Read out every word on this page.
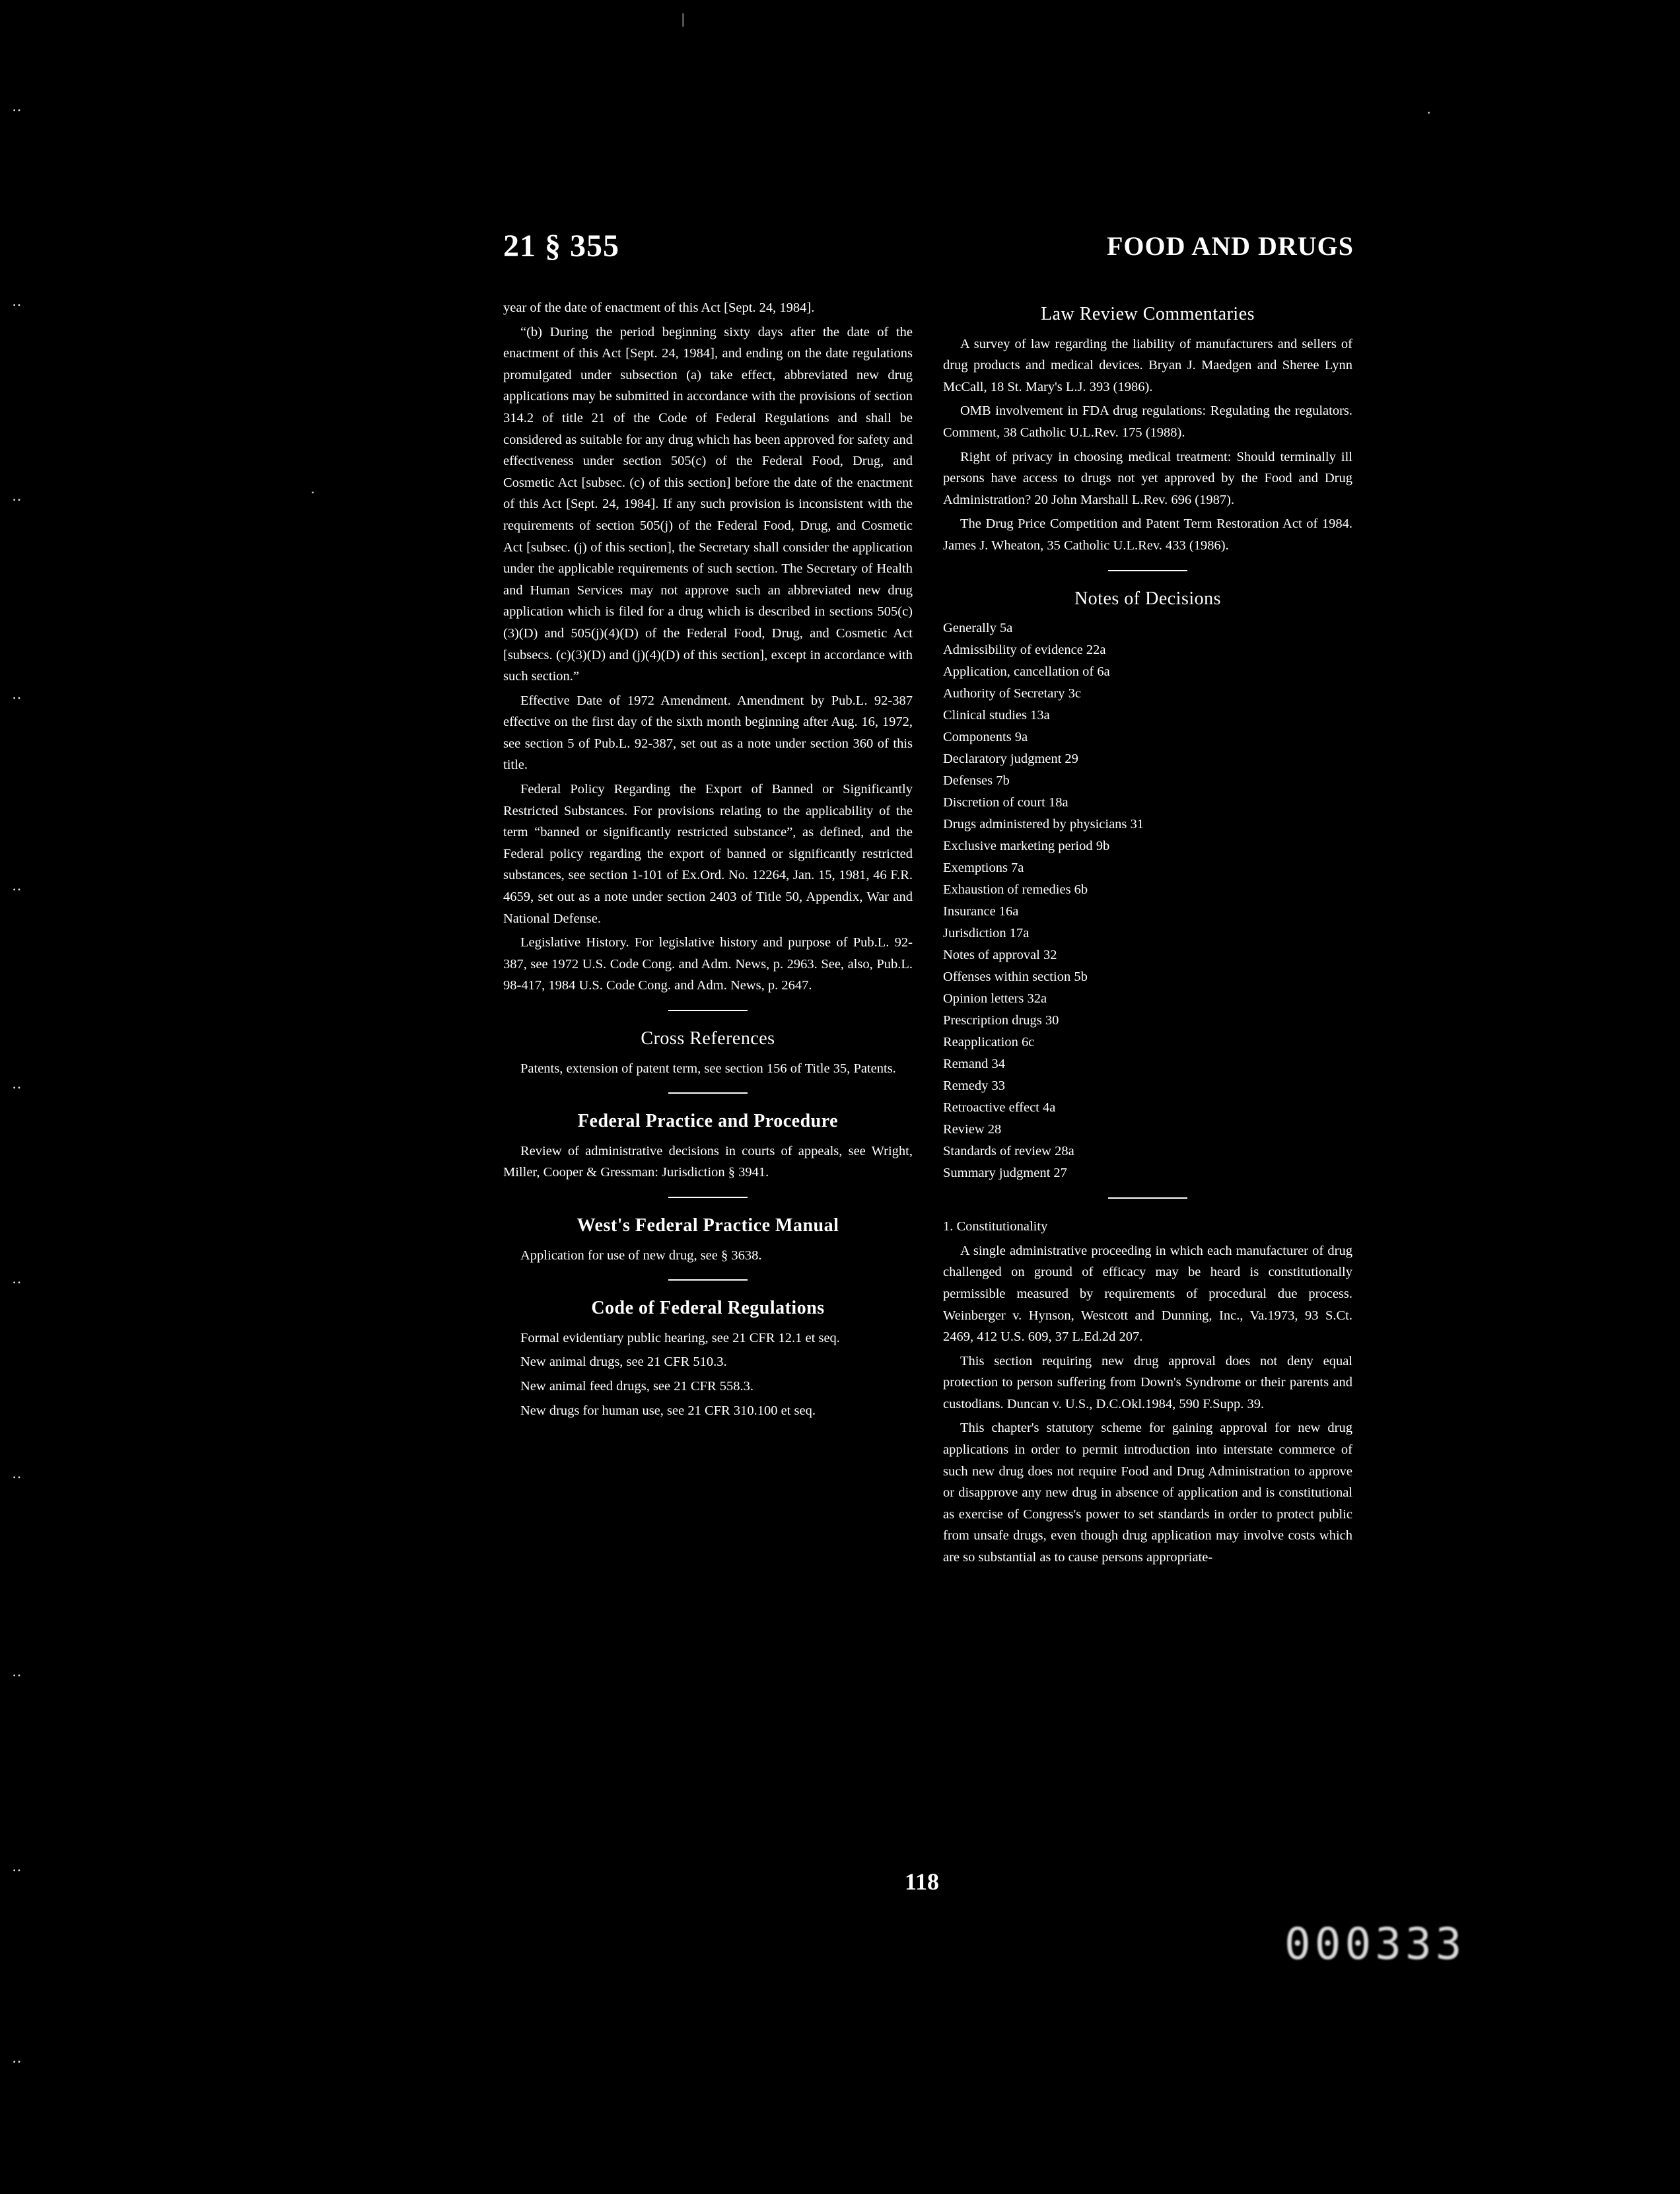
‥
‥
‥
‥
‥
‥
‥
‥
‥
‥
‥
|
·
·
21 § 355	FOOD AND DRUGS

year of the date of enactment of this Act [Sept. 24, 1984].

“(b) During the period beginning sixty days after the date of the enactment of this Act [Sept. 24, 1984], and ending on the date regulations promulgated under subsection (a) take effect, abbreviated new drug applications may be submitted in accordance with the provisions of section 314.2 of title 21 of the Code of Federal Regulations and shall be considered as suitable for any drug which has been approved for safety and effectiveness under section 505(c) of the Federal Food, Drug, and Cosmetic Act [subsec. (c) of this section] before the date of the enactment of this Act [Sept. 24, 1984]. If any such provision is inconsistent with the requirements of section 505(j) of the Federal Food, Drug, and Cosmetic Act [subsec. (j) of this section], the Secretary shall consider the application under the applicable requirements of such section. The Secretary of Health and Human Services may not approve such an abbreviated new drug application which is filed for a drug which is described in sections 505(c)(3)(D) and 505(j)(4)(D) of the Federal Food, Drug, and Cosmetic Act [subsecs. (c)(3)(D) and (j)(4)(D) of this section], except in accordance with such section.”

Effective Date of 1972 Amendment. Amendment by Pub.L. 92-387 effective on the first day of the sixth month beginning after Aug. 16, 1972, see section 5 of Pub.L. 92-387, set out as a note under section 360 of this title.

Federal Policy Regarding the Export of Banned or Significantly Restricted Substances. For provisions relating to the applicability of the term “banned or significantly restricted substance”, as defined, and the Federal policy regarding the export of banned or significantly restricted substances, see section 1-101 of Ex.Ord. No. 12264, Jan. 15, 1981, 46 F.R. 4659, set out as a note under section 2403 of Title 50, Appendix, War and National Defense.

Legislative History. For legislative history and purpose of Pub.L. 92-387, see 1972 U.S. Code Cong. and Adm. News, p. 2963. See, also, Pub.L. 98-417, 1984 U.S. Code Cong. and Adm. News, p. 2647.

Cross References

Patents, extension of patent term, see section 156 of Title 35, Patents.

Federal Practice and Procedure

Review of administrative decisions in courts of appeals, see Wright, Miller, Cooper & Gressman: Jurisdiction § 3941.

West's Federal Practice Manual

Application for use of new drug, see § 3638.

Code of Federal Regulations

Formal evidentiary public hearing, see 21 CFR 12.1 et seq.

New animal drugs, see 21 CFR 510.3.

New animal feed drugs, see 21 CFR 558.3.

New drugs for human use, see 21 CFR 310.100 et seq.

Law Review Commentaries

A survey of law regarding the liability of manufacturers and sellers of drug products and medical devices. Bryan J. Maedgen and Sheree Lynn McCall, 18 St. Mary's L.J. 393 (1986).

OMB involvement in FDA drug regulations: Regulating the regulators. Comment, 38 Catholic U.L.Rev. 175 (1988).

Right of privacy in choosing medical treatment: Should terminally ill persons have access to drugs not yet approved by the Food and Drug Administration? 20 John Marshall L.Rev. 696 (1987).

The Drug Price Competition and Patent Term Restoration Act of 1984. James J. Wheaton, 35 Catholic U.L.Rev. 433 (1986).

Notes of Decisions
Generally 5a
Admissibility of evidence 22a
Application, cancellation of 6a
Authority of Secretary 3c
Clinical studies 13a
Components 9a
Declaratory judgment 29
Defenses 7b
Discretion of court 18a
Drugs administered by physicians 31
Exclusive marketing period 9b
Exemptions 7a
Exhaustion of remedies 6b
Insurance 16a
Jurisdiction 17a
Notes of approval 32
Offenses within section 5b
Opinion letters 32a
Prescription drugs 30
Reapplication 6c
Remand 34
Remedy 33
Retroactive effect 4a
Review 28
Standards of review 28a
Summary judgment 27

1. Constitutionality

A single administrative proceeding in which each manufacturer of drug challenged on ground of efficacy may be heard is constitutionally permissible measured by requirements of procedural due process. Weinberger v. Hynson, Westcott and Dunning, Inc., Va.1973, 93 S.Ct. 2469, 412 U.S. 609, 37 L.Ed.2d 207.

This section requiring new drug approval does not deny equal protection to person suffering from Down's Syndrome or their parents and custodians. Duncan v. U.S., D.C.Okl.1984, 590 F.Supp. 39.

This chapter's statutory scheme for gaining approval for new drug applications in order to permit introduction into interstate commerce of such new drug does not require Food and Drug Administration to approve or disapprove any new drug in absence of application and is constitutional as exercise of Congress's power to set standards in order to protect public from unsafe drugs, even though drug application may involve costs which are so substantial as to cause persons appropriate-

118
000333
